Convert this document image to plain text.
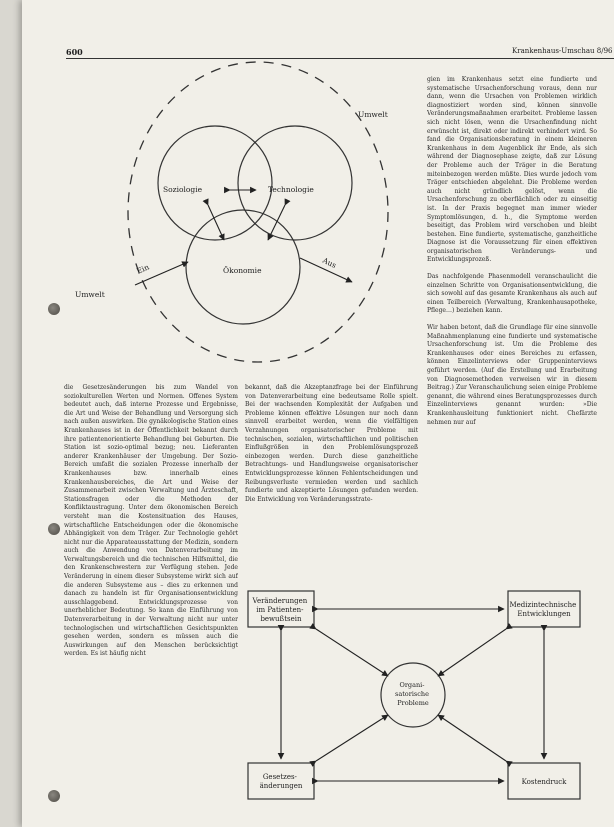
600	Krankenhaus-Umschau 8/96
Umwelt
Umwelt
Soziologie	Technologie
Ökonomie
Ein	Aus

die Gesetzesänderungen bis zum Wandel von soziokulturellen Werten und Normen. Offenes System bedeutet auch, daß interne Prozesse und Ergebnisse, die Art und Weise der Behandlung und Versorgung sich nach außen auswirken. Die gynäkologische Station eines Krankenhauses ist in der Öffentlichkeit bekannt durch ihre patientenorientierte Behandlung bei Geburten. Die Station ist sozio-optimal bezug; neu. Lieferanten anderer Krankenhäuser der Umgebung. Der Sozio-Bereich umfaßt die sozialen Prozesse innerhalb der Krankenhauses bzw. innerhalb eines Krankenhausbereiches, die Art und Weise der Zusammenarbeit zwischen Verwaltung und Ärzteschaft, Stationsfragen oder die Methoden der Konfliktaustragung. Unter dem ökonomischen Bereich versteht man die Kostensituation des Hauses, wirtschaftliche Entscheidungen oder die ökonomische Abhängigkeit von dem Träger. Zur Technologie gehört nicht nur die Apparateausstattung der Medizin, sondern auch die Anwendung von Datenverarbeitung im Verwaltungsbereich und die technischen Hilfsmittel, die den Krankenschwestern zur Verfügung stehen. Jede Veränderung in einem dieser Subsysteme wirkt sich auf die anderen Subsysteme aus – dies zu erkennen und danach zu handeln ist für Organisationsentwicklung ausschlaggebend. Entwicklungsprozesse von unerheblicher Bedeutung. So kann die Einführung von Datenverarbeitung in der Verwaltung nicht nur unter technologischen und wirtschaftlichen Gesichtspunkten gesehen werden, sondern es müssen auch die Auswirkungen auf den Menschen berücksichtigt werden. Es ist häufig nicht

bekannt, daß die Akzeptanzfrage bei der Einführung von Datenverarbeitung eine bedeutsame Rolle spielt. Bei der wachsenden Komplexität der Aufgaben und Probleme können effektive Lösungen nur noch dann sinnvoll erarbeitet werden, wenn die vielfältigen Verzahnungen organisatorischer Probleme mit technischen, sozialen, wirtschaftlichen und politischen Einflußgrößen in den Problemlösungsprozeß einbezogen werden. Durch diese ganzheitliche Betrachtungs- und Handlungsweise organisatorischer Entwicklungsprozesse können Fehlentscheidungen und Reibungsverluste vermieden werden und sachlich fundierte und akzeptierte Lösungen gefunden werden. Die Entwicklung von Veränderungsstrate-

gien im Krankenhaus setzt eine fundierte und systematische Ursachenforschung voraus, denn nur dann, wenn die Ursachen von Problemen wirklich diagnostiziert worden sind, können sinnvolle Veränderungsmaßnahmen erarbeitet. Probleme lassen sich nicht lösen, wenn die Ursachenfindung nicht erwünscht ist, direkt oder indirekt verhindert wird. So fand die Organisationsberatung in einem kleineren Krankenhaus in dem Augenblick ihr Ende, als sich während der Diagnosephase zeigte, daß zur Lösung der Probleme auch der Träger in die Beratung miteinbezogen werden müßte. Dies wurde jedoch vom Träger entschieden abgelehnt. Die Probleme werden auch nicht gründlich gelöst, wenn die Ursachenforschung zu oberflächlich oder zu einseitig ist. In der Praxis begegnet man immer wieder Symptomlösungen, d. h., die Symptome werden beseitigt, das Problem wird verschoben und bleibt bestehen. Eine fundierte, systematische, ganzheitliche Diagnose ist die Voraussetzung für einen effektiven organisatorischen Veränderungs- und Entwicklungsprozeß.

Das nachfolgende Phasenmodell veranschaulicht die einzelnen Schritte von Organisationsentwicklung, die sich sowohl auf das gesamte Krankenhaus als auch auf einen Teilbereich (Verwaltung, Krankenhausapotheke, Pflege…) beziehen kann.

Wir haben betont, daß die Grundlage für eine sinnvolle Maßnahmenplanung eine fundierte und systematische Ursachenforschung ist. Um die Probleme des Krankenhauses oder eines Bereiches zu erfassen, können Einzelinterviews oder Gruppeninterviews geführt werden. (Auf die Erstellung und Erarbeitung von Diagnosemethoden verweisen wir in diesem Beitrag.) Zur Veranschaulichung seien einige Probleme genannt, die während eines Beratungsprozesses durch Einzelinterviews genannt wurden: »Die Krankenhausleitung funktioniert nicht. Chefärzte nehmen nur auf

Veränderungen im Patienten- bewußtsein
Medizintechnische Entwicklungen
Gesetzes- änderungen	Kostendruck
Organi- satorische Probleme
